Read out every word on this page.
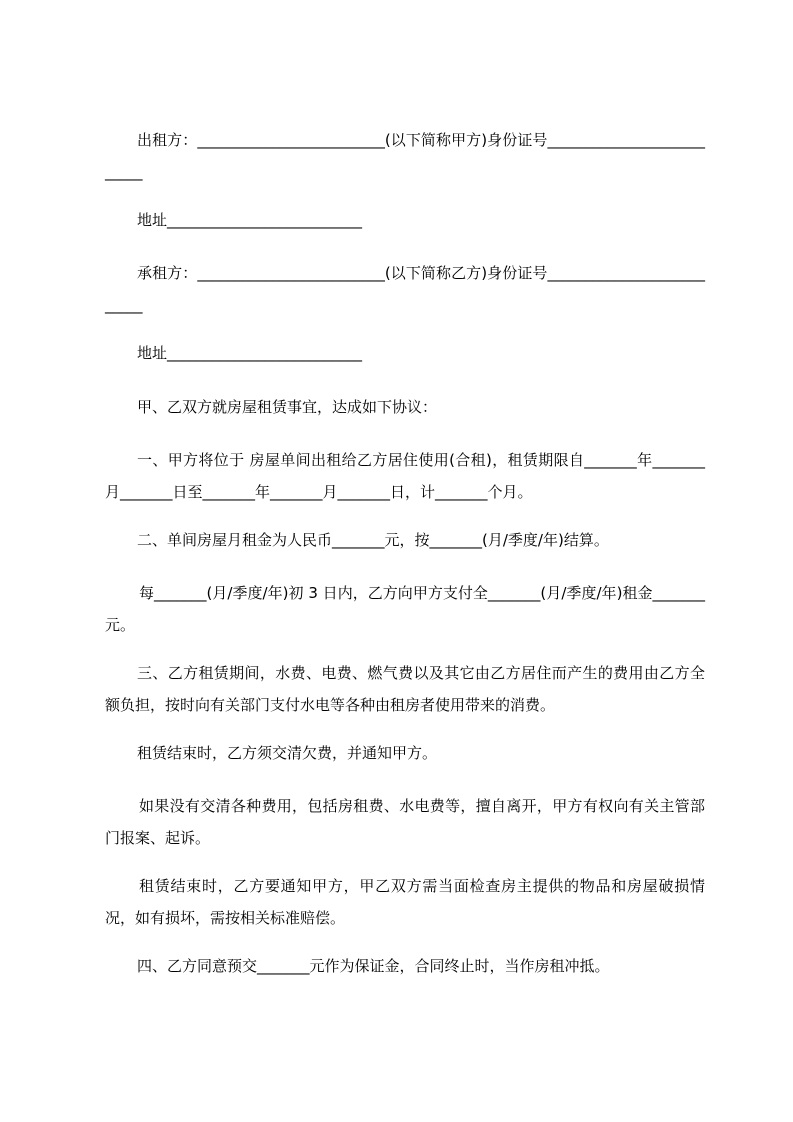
出租方：_________________________(以下简称甲方)身份证号__________________________

地址__________________________

承租方：_________________________(以下简称乙方)身份证号__________________________

地址__________________________

甲、乙双方就房屋租赁事宜，达成如下协议：

一、甲方将位于 房屋单间出租给乙方居住使用(合租)，租赁期限自_______年_______月_______日至_______年_______月_______日，计_______个月。

二、单间房屋月租金为人民币_______元，按_______(月/季度/年)结算。

每_______(月/季度/年)初 3 日内，乙方向甲方支付全_______(月/季度/年)租金_______元。

三、乙方租赁期间，水费、电费、燃气费以及其它由乙方居住而产生的费用由乙方全额负担，按时向有关部门支付水电等各种由租房者使用带来的消费。

租赁结束时，乙方须交清欠费，并通知甲方。

如果没有交清各种费用，包括房租费、水电费等，擅自离开，甲方有权向有关主管部门报案、起诉。

租赁结束时，乙方要通知甲方，甲乙双方需当面检查房主提供的物品和房屋破损情况，如有损坏，需按相关标准赔偿。

四、乙方同意预交_______元作为保证金，合同终止时，当作房租冲抵。
